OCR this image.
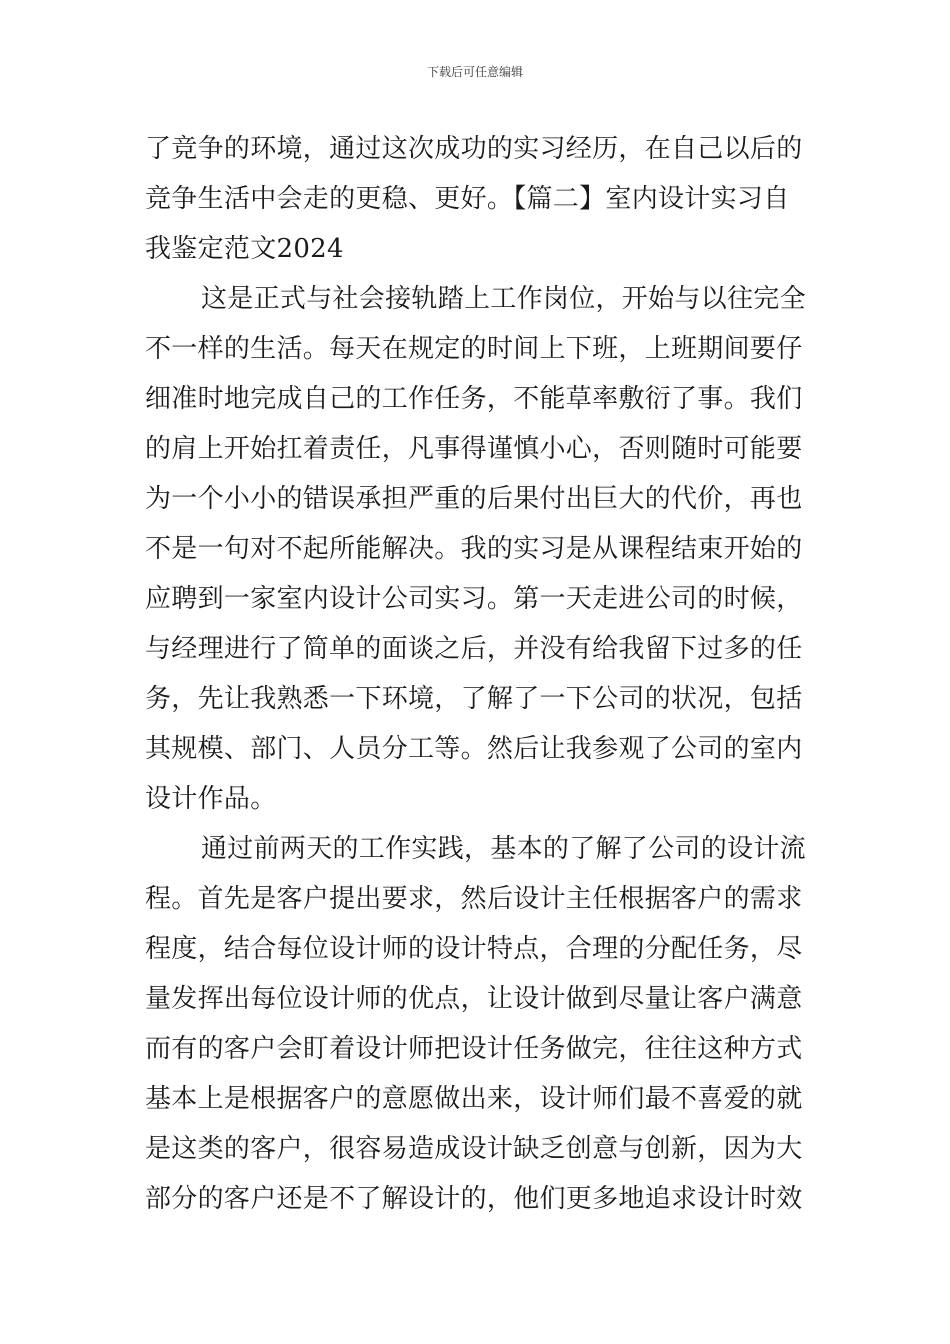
下载后可任意编辑
了竞争的环境，通过这次成功的实习经历，在自己以后的
竞争生活中会走的更稳、更好。【篇二】室内设计实习自
我鉴定范文2024
这是正式与社会接轨踏上工作岗位，开始与以往完全
不一样的生活。每天在规定的时间上下班，上班期间要仔
细准时地完成自己的工作任务，不能草率敷衍了事。我们
的肩上开始扛着责任，凡事得谨慎小心，否则随时可能要
为一个小小的错误承担严重的后果付出巨大的代价，再也
不是一句对不起所能解决。我的实习是从课程结束开始的
应聘到一家室内设计公司实习。第一天走进公司的时候，
与经理进行了简单的面谈之后，并没有给我留下过多的任
务，先让我熟悉一下环境，了解了一下公司的状况，包括
其规模、部门、人员分工等。然后让我参观了公司的室内
设计作品。
通过前两天的工作实践，基本的了解了公司的设计流
程。首先是客户提出要求，然后设计主任根据客户的需求
程度，结合每位设计师的设计特点，合理的分配任务，尽
量发挥出每位设计师的优点，让设计做到尽量让客户满意
而有的客户会盯着设计师把设计任务做完，往往这种方式
基本上是根据客户的意愿做出来，设计师们最不喜爱的就
是这类的客户，很容易造成设计缺乏创意与创新，因为大
部分的客户还是不了解设计的，他们更多地追求设计时效
